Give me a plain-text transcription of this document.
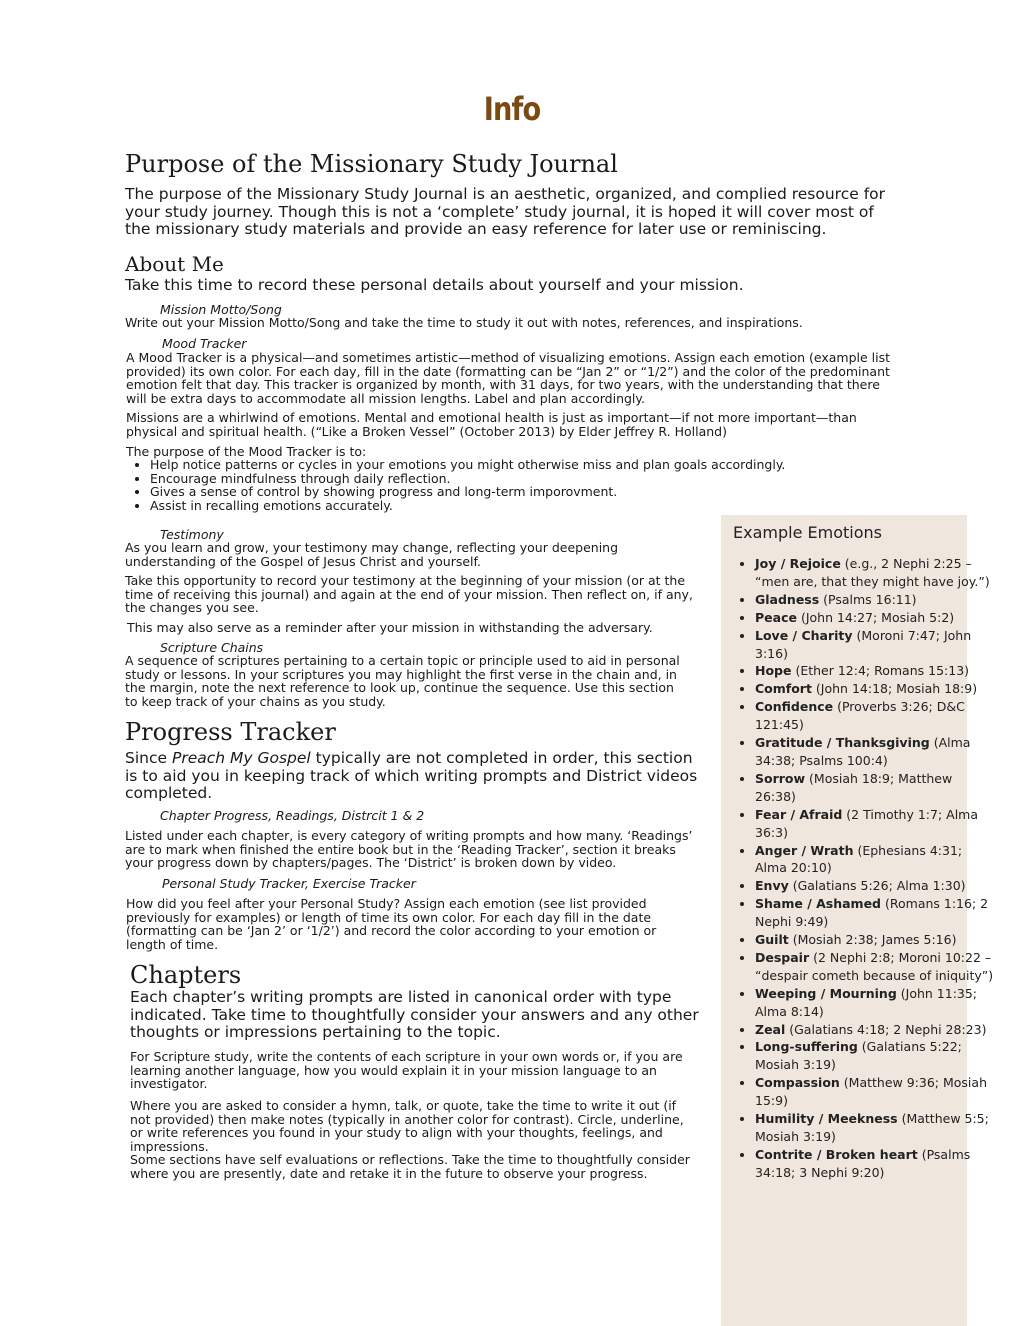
Info
Purpose of the Missionary Study Journal

The purpose of the Missionary Study Journal is an aesthetic, organized, and complied resource for your study journey. Though this is not a ‘complete’ study journal, it is hoped it will cover most of the missionary study materials and provide an easy reference for later use or reminiscing.

About Me

Take this time to record these personal details about yourself and your mission.

Mission Motto/Song

Write out your Mission Motto/Song and take the time to study it out with notes, references, and inspirations.

Mood Tracker

A Mood Tracker is a physical—and sometimes artistic—method of visualizing emotions. Assign each emotion (example list provided) its own color. For each day, fill in the date (formatting can be “Jan 2” or “1/2”) and the color of the predominant emotion felt that day. This tracker is organized by month, with 31 days, for two years, with the understanding that there will be extra days to accommodate all mission lengths. Label and plan accordingly.

Missions are a whirlwind of emotions. Mental and emotional health is just as important—if not more important—than physical and spiritual health. (“Like a Broken Vessel” (October 2013) by Elder Jeffrey R. Holland)

The purpose of the Mood Tracker is to:

• Help notice patterns or cycles in your emotions you might otherwise miss and plan goals accordingly.
• Encourage mindfulness through daily reflection.
• Gives a sense of control by showing progress and long-term imporovment.
• Assist in recalling emotions accurately.
Testimony

As you learn and grow, your testimony may change, reflecting your deepening understanding of the Gospel of Jesus Christ and yourself.

Take this opportunity to record your testimony at the beginning of your mission (or at the time of receiving this journal) and again at the end of your mission. Then reflect on, if any, the changes you see.

This may also serve as a reminder after your mission in withstanding the adversary.

Scripture Chains

A sequence of scriptures pertaining to a certain topic or principle used to aid in personal study or lessons. In your scriptures you may highlight the first verse in the chain and, in the margin, note the next reference to look up, continue the sequence. Use this section to keep track of your chains as you study.

Progress Tracker

Since Preach My Gospel typically are not completed in order, this section is to aid you in keeping track of which writing prompts and District videos completed.

Chapter Progress, Readings, Distrcit 1 & 2

Listed under each chapter, is every category of writing prompts and how many. ‘Readings’ are to mark when finished the entire book but in the ‘Reading Tracker’, section it breaks your progress down by chapters/pages. The ‘District’ is broken down by video.

Personal Study Tracker, Exercise Tracker

How did you feel after your Personal Study? Assign each emotion (see list provided previously for examples) or length of time its own color. For each day fill in the date (formatting can be ‘Jan 2’ or ‘1/2’) and record the color according to your emotion or length of time.

Chapters

Each chapter’s writing prompts are listed in canonical order with type indicated. Take time to thoughtfully consider your answers and any other thoughts or impressions pertaining to the topic.

For Scripture study, write the contents of each scripture in your own words or, if you are learning another language, how you would explain it in your mission language to an investigator.

Where you are asked to consider a hymn, talk, or quote, take the time to write it out (if not provided) then make notes (typically in another color for contrast). Circle, underline, or write references you found in your study to align with your thoughts, feelings, and impressions.

Some sections have self evaluations or reflections. Take the time to thoughtfully consider where you are presently, date and retake it in the future to observe your progress.

Example Emotions
• Joy / Rejoice (e.g., 2 Nephi 2:25 – “men are, that they might have joy.”)
• Gladness (Psalms 16:11)
• Peace (John 14:27; Mosiah 5:2)
• Love / Charity (Moroni 7:47; John 3:16)
• Hope (Ether 12:4; Romans 15:13)
• Comfort (John 14:18; Mosiah 18:9)
• Confidence (Proverbs 3:26; D&C 121:45)
• Gratitude / Thanksgiving (Alma 34:38; Psalms 100:4)
• Sorrow (Mosiah 18:9; Matthew 26:38)
• Fear / Afraid (2 Timothy 1:7; Alma 36:3)
• Anger / Wrath (Ephesians 4:31; Alma 20:10)
• Envy (Galatians 5:26; Alma 1:30)
• Shame / Ashamed (Romans 1:16; 2 Nephi 9:49)
• Guilt (Mosiah 2:38; James 5:16)
• Despair (2 Nephi 2:8; Moroni 10:22 – “despair cometh because of iniquity”)
• Weeping / Mourning (John 11:35; Alma 8:14)
• Zeal (Galatians 4:18; 2 Nephi 28:23)
• Long-suffering (Galatians 5:22; Mosiah 3:19)
• Compassion (Matthew 9:36; Mosiah 15:9)
• Humility / Meekness (Matthew 5:5; Mosiah 3:19)
• Contrite / Broken heart (Psalms 34:18; 3 Nephi 9:20)
